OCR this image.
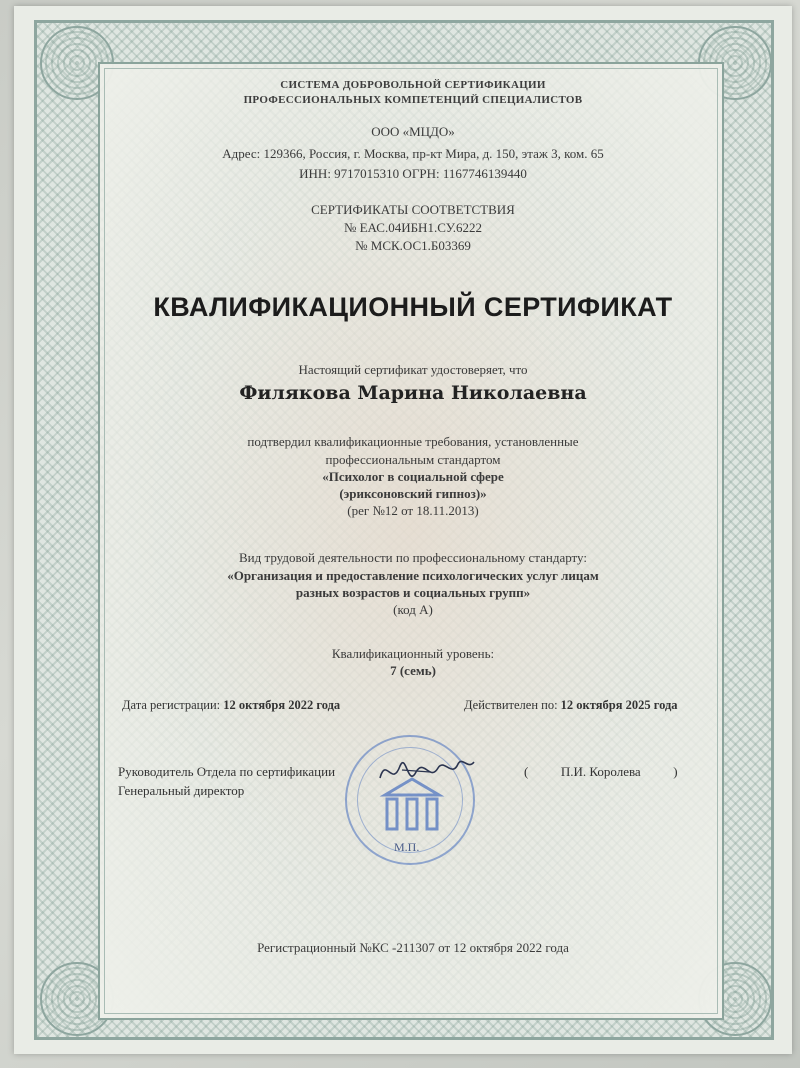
СИСТЕМА ДОБРОВОЛЬНОЙ СЕРТИФИКАЦИИ

ПРОФЕССИОНАЛЬНЫХ КОМПЕТЕНЦИЙ СПЕЦИАЛИСТОВ

ООО «МЦДО»

Адрес: 129366, Россия, г. Москва, пр-кт Мира, д. 150, этаж 3, ком. 65

ИНН: 9717015310 ОГРН: 1167746139440

СЕРТИФИКАТЫ СООТВЕТСТВИЯ

№ ЕАС.04ИБН1.СУ.6222

№ МСК.ОС1.Б03369

КВАЛИФИКАЦИОННЫЙ СЕРТИФИКАТ

Настоящий сертификат удостоверяет, что

Филякова Марина Николаевна

подтвердил квалификационные требования, установленные

профессиональным стандартом

«Психолог в социальной сфере

(эриксоновский гипноз)»

(рег №12 от 18.11.2013)

Вид трудовой деятельности по профессиональному стандарту:

«Организация и предоставление психологических услуг лицам

разных возрастов и социальных групп»

(код А)

Квалификационный уровень:

7 (семь)

Дата регистрации: 12 октября 2022 года	Действителен по: 12 октября 2025 года
М.П.
Руководитель Отдела по сертификации
Генеральный директор
(          П.И. Королева          )

Регистрационный №КС -211307 от 12 октября 2022 года
